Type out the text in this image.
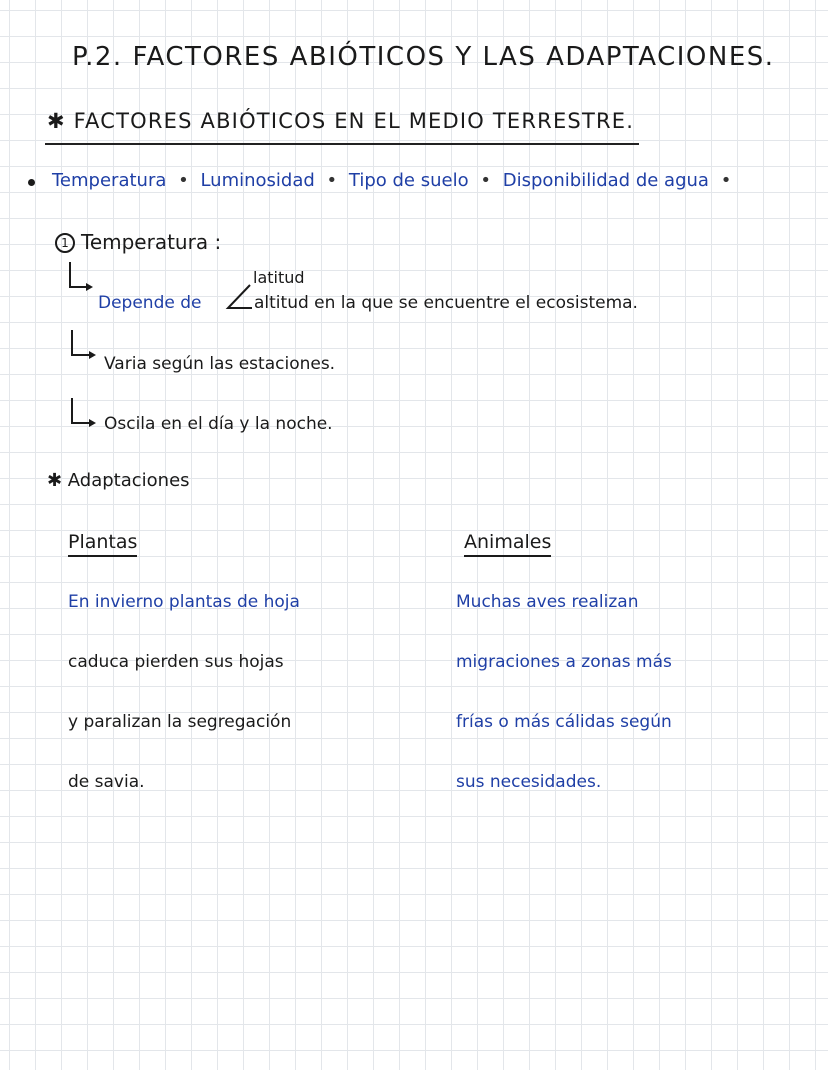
P.2. FACTORES ABIÓTICOS Y LAS ADAPTACIONES.
✱ FACTORES ABIÓTICOS EN EL MEDIO TERRESTRE.
Temperatura • Luminosidad • Tipo de suelo • Disponibilidad de agua •
1 Temperatura :
latitud
Depende de	altitud en la que se encuentre el ecosistema.
Varia según las estaciones.
Oscila en el día y la noche.
✱ Adaptaciones
Plantas
En invierno plantas de hoja
caduca pierden sus hojas
y paralizan la segregación
de savia.
Animales
Muchas aves realizan
migraciones a zonas más
frías o más cálidas según
sus necesidades.
